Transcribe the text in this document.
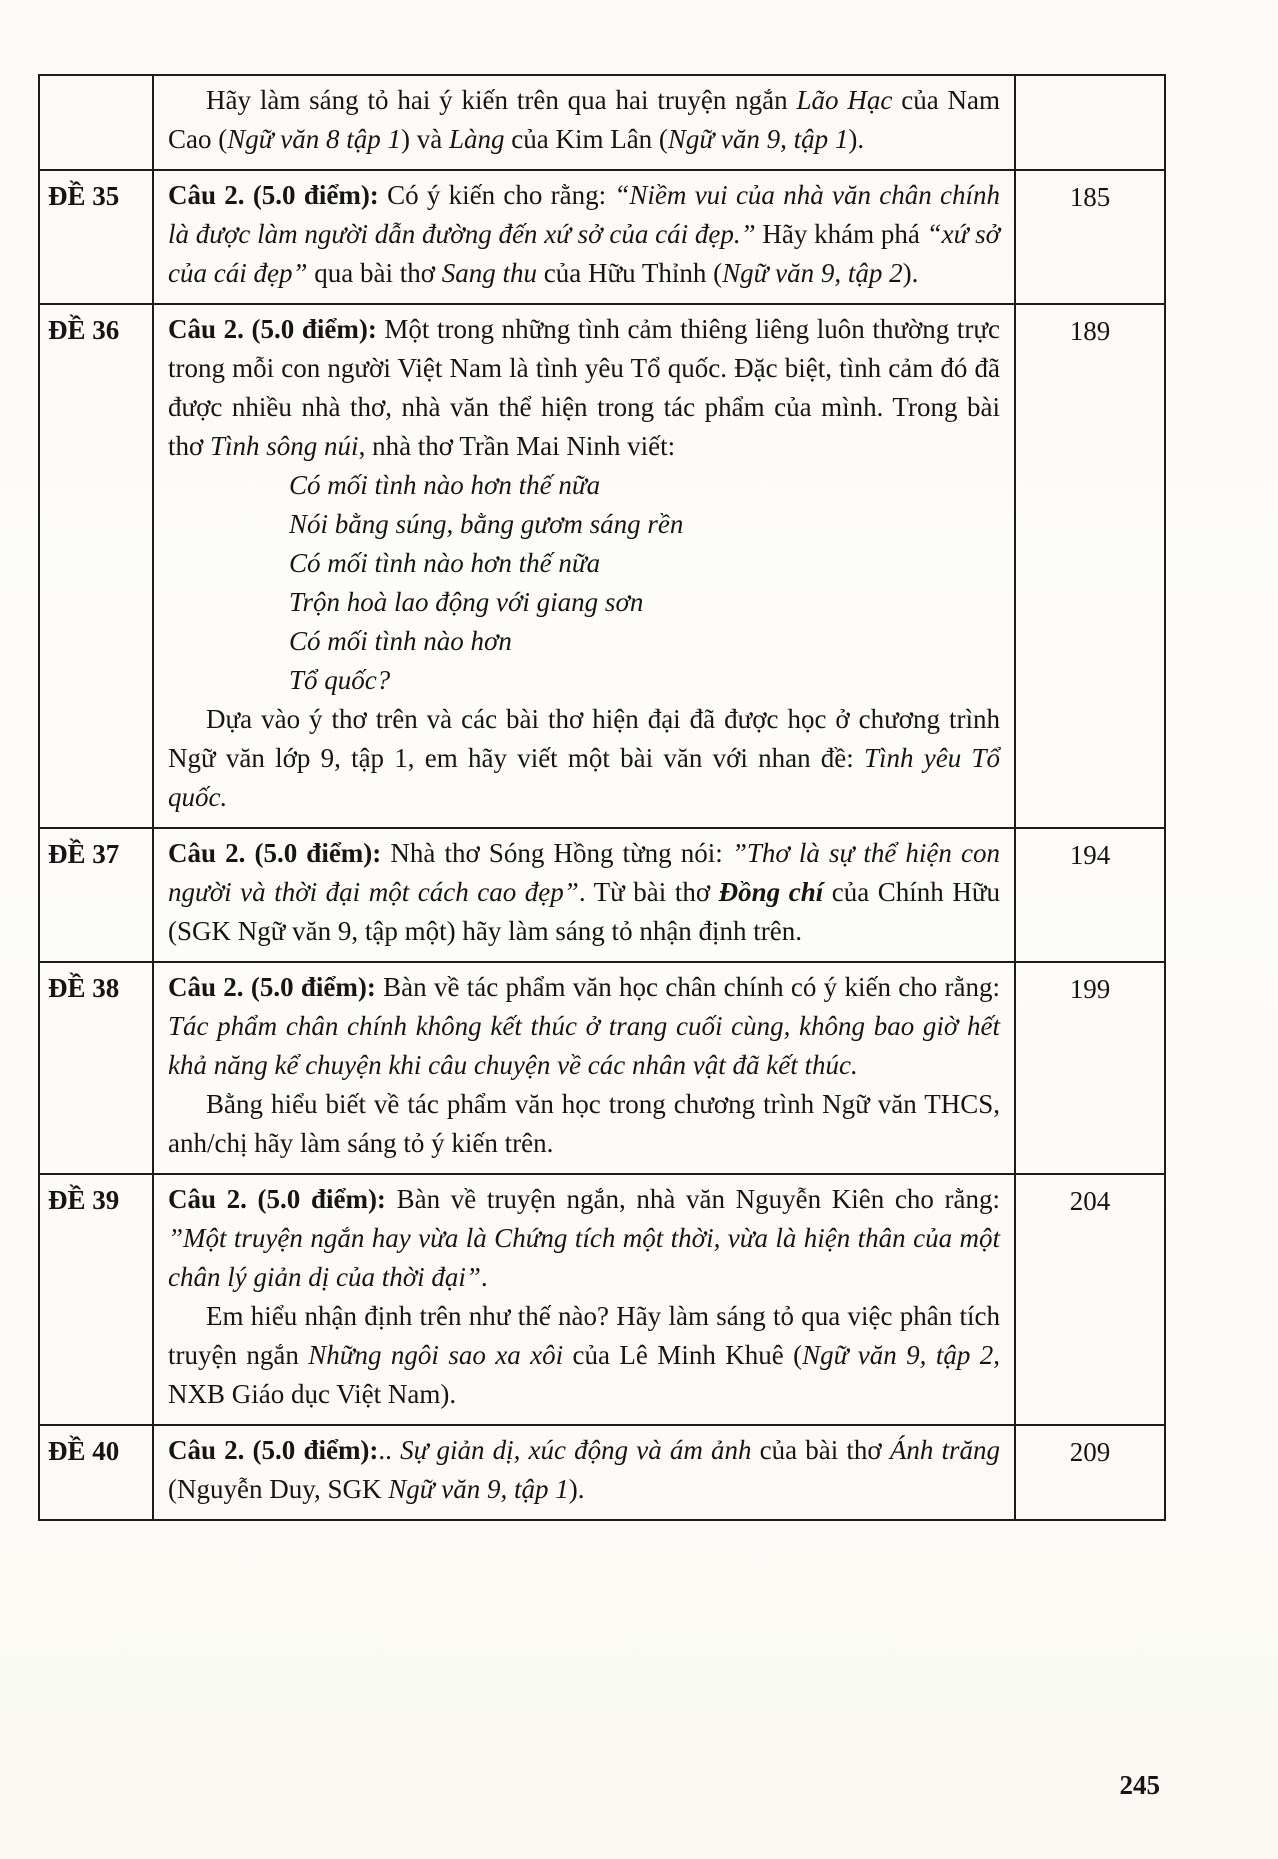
	Hãy làm sáng tỏ hai ý kiến trên qua hai truyện ngắn Lão Hạc của Nam Cao (Ngữ văn 8 tập 1) và Làng của Kim Lân (Ngữ văn 9, tập 1).	

ĐỀ 35	Câu 2. (5.0 điểm): Có ý kiến cho rằng: “Niềm vui của nhà văn chân chính là được làm người dẫn đường đến xứ sở của cái đẹp.” Hãy khám phá “xứ sở của cái đẹp” qua bài thơ Sang thu của Hữu Thỉnh (Ngữ văn 9, tập 2).	185
ĐỀ 36	Câu 2. (5.0 điểm): Một trong những tình cảm thiêng liêng luôn thường trực trong mỗi con người Việt Nam là tình yêu Tổ quốc. Đặc biệt, tình cảm đó đã được nhiều nhà thơ, nhà văn thể hiện trong tác phẩm của mình. Trong bài thơ Tình sông núi, nhà thơ Trần Mai Ninh viết:
Có mối tình nào hơn thế nữa
Nói bằng súng, bằng gươm sáng rền
Có mối tình nào hơn thế nữa
Trộn hoà lao động với giang sơn
Có mối tình nào hơn
Tổ quốc?
Dựa vào ý thơ trên và các bài thơ hiện đại đã được học ở chương trình Ngữ văn lớp 9, tập 1, em hãy viết một bài văn với nhan đề: Tình yêu Tổ quốc.
	189
ĐỀ 37	Câu 2. (5.0 điểm): Nhà thơ Sóng Hồng từng nói: ”Thơ là sự thể hiện con người và thời đại một cách cao đẹp”. Từ bài thơ Đồng chí của Chính Hữu (SGK Ngữ văn 9, tập một) hãy làm sáng tỏ nhận định trên.	194
ĐỀ 38	Câu 2. (5.0 điểm): Bàn về tác phẩm văn học chân chính có ý kiến cho rằng: Tác phẩm chân chính không kết thúc ở trang cuối cùng, không bao giờ hết khả năng kể chuyện khi câu chuyện về các nhân vật đã kết thúc.
Bằng hiểu biết về tác phẩm văn học trong chương trình Ngữ văn THCS, anh/chị hãy làm sáng tỏ ý kiến trên.	199
ĐỀ 39	Câu 2. (5.0 điểm): Bàn về truyện ngắn, nhà văn Nguyễn Kiên cho rằng: ”Một truyện ngắn hay vừa là Chứng tích một thời, vừa là hiện thân của một chân lý giản dị của thời đại”.
Em hiểu nhận định trên như thế nào? Hãy làm sáng tỏ qua việc phân tích truyện ngắn Những ngôi sao xa xôi của Lê Minh Khuê (Ngữ văn 9, tập 2, NXB Giáo dục Việt Nam).	204
ĐỀ 40	Câu 2. (5.0 điểm):.. Sự giản dị, xúc động và ám ảnh của bài thơ Ánh trăng (Nguyễn Duy, SGK Ngữ văn 9, tập 1).	209
245
